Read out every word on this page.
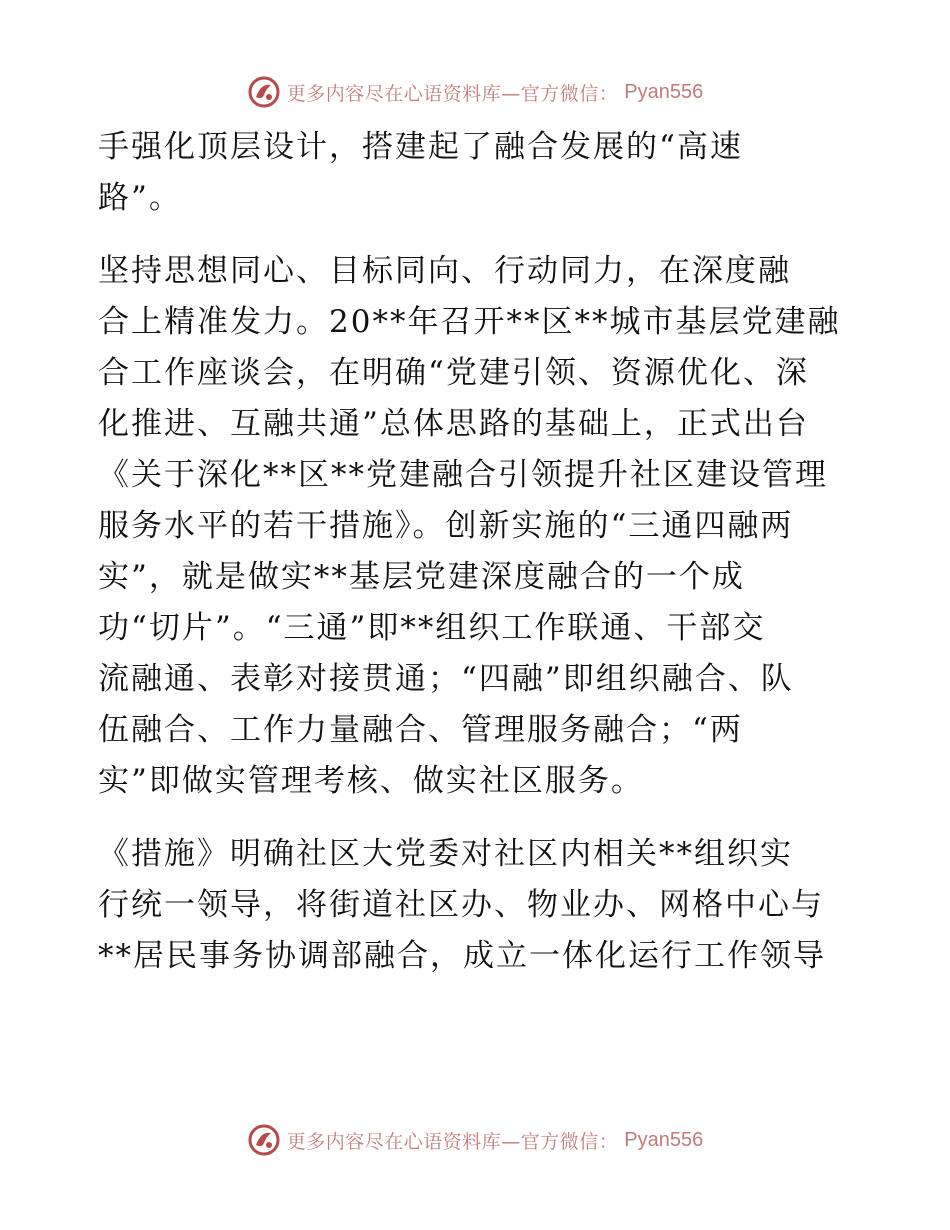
更多内容尽在心语资料库—官方微信： Pyan556
手强化顶层设计，搭建起了融合发展的“高速
路”。
坚持思想同心、目标同向、行动同力，在深度融
合上精准发力。20**年召开**区**城市基层党建融
合工作座谈会，在明确“党建引领、资源优化、深
化推进、互融共通”总体思路的基础上，正式出台
《关于深化**区**党建融合引领提升社区建设管理
服务水平的若干措施》。创新实施的“三通四融两
实”，就是做实**基层党建深度融合的一个成
功“切片”。“三通”即**组织工作联通、干部交
流融通、表彰对接贯通；“四融”即组织融合、队
伍融合、工作力量融合、管理服务融合；“两
实”即做实管理考核、做实社区服务。
《措施》明确社区大党委对社区内相关**组织实
行统一领导，将街道社区办、物业办、网格中心与
**居民事务协调部融合，成立一体化运行工作领导
更多内容尽在心语资料库—官方微信： Pyan556
